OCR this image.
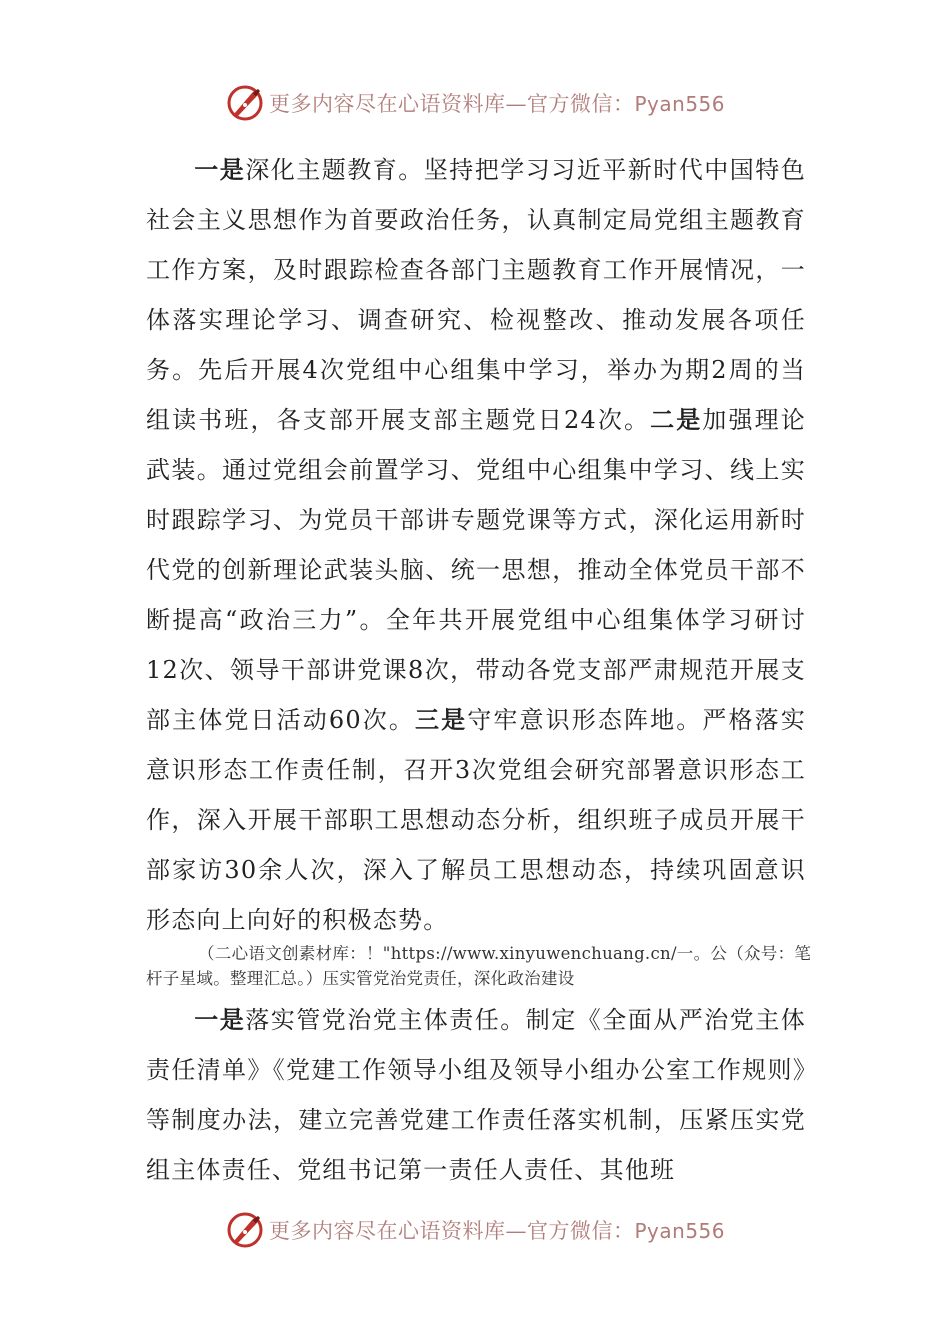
更多内容尽在心语资料库—官方微信：Pyan556
一是深化主题教育。坚持把学习习近平新时代中国特色社会主义思想作为首要政治任务，认真制定局党组主题教育工作方案，及时跟踪检查各部门主题教育工作开展情况，一体落实理论学习、调查研究、检视整改、推动发展各项任务。先后开展4次党组中心组集中学习，举办为期2周的当组读书班，各支部开展支部主题党日24次。二是加强理论武装。通过党组会前置学习、党组中心组集中学习、线上实时跟踪学习、为党员干部讲专题党课等方式，深化运用新时代党的创新理论武装头脑、统一思想，推动全体党员干部不断提高“政治三力”。全年共开展党组中心组集体学习研讨12次、领导干部讲党课8次，带动各党支部严肃规范开展支部主体党日活动60次。三是守牢意识形态阵地。严格落实意识形态工作责任制，召开3次党组会研究部署意识形态工作，深入开展干部职工思想动态分析，组织班子成员开展干部家访30余人次，深入了解员工思想动态，持续巩固意识形态向上向好的积极态势。
（二心语文创素材库：！"https://www.xinyuwenchuang.cn/一。公（众号：笔杆子星域。整理汇总。）压实管党治党责任，深化政治建设
一是落实管党治党主体责任。制定《全面从严治党主体责任清单》《党建工作领导小组及领导小组办公室工作规则》等制度办法，建立完善党建工作责任落实机制，压紧压实党组主体责任、党组书记第一责任人责任、其他班
更多内容尽在心语资料库—官方微信：Pyan556
